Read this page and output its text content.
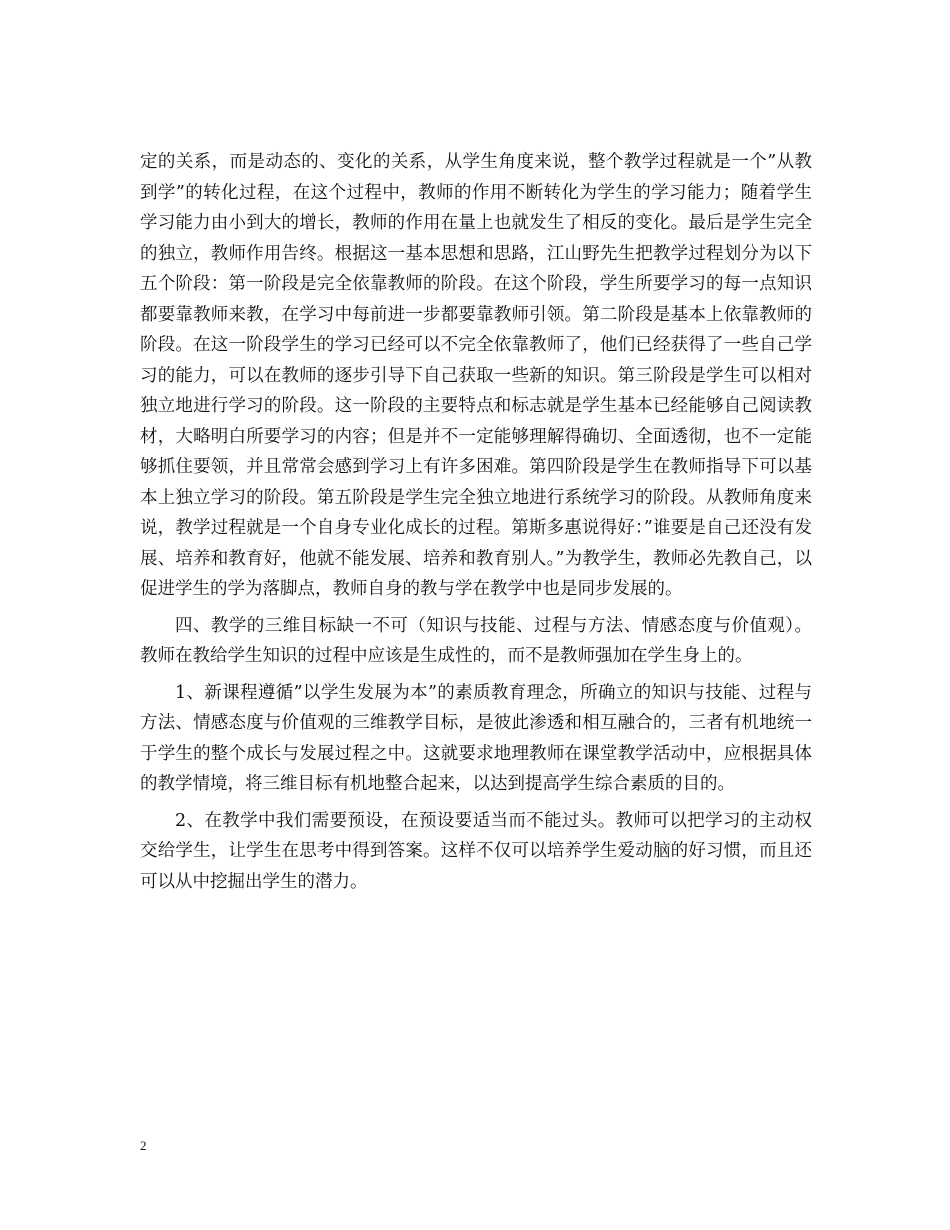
定的关系，而是动态的、变化的关系，从学生角度来说，整个教学过程就是一个”从教到学”的转化过程，在这个过程中，教师的作用不断转化为学生的学习能力；随着学生学习能力由小到大的增长，教师的作用在量上也就发生了相反的变化。最后是学生完全的独立，教师作用告终。根据这一基本思想和思路，江山野先生把教学过程划分为以下五个阶段：第一阶段是完全依靠教师的阶段。在这个阶段，学生所要学习的每一点知识都要靠教师来教，在学习中每前进一步都要靠教师引领。第二阶段是基本上依靠教师的阶段。在这一阶段学生的学习已经可以不完全依靠教师了，他们已经获得了一些自己学习的能力，可以在教师的逐步引导下自己获取一些新的知识。第三阶段是学生可以相对独立地进行学习的阶段。这一阶段的主要特点和标志就是学生基本已经能够自己阅读教材，大略明白所要学习的内容；但是并不一定能够理解得确切、全面透彻，也不一定能够抓住要领，并且常常会感到学习上有许多困难。第四阶段是学生在教师指导下可以基本上独立学习的阶段。第五阶段是学生完全独立地进行系统学习的阶段。从教师角度来说，教学过程就是一个自身专业化成长的过程。第斯多惠说得好：”谁要是自己还没有发展、培养和教育好，他就不能发展、培养和教育别人。”为教学生，教师必先教自己，以促进学生的学为落脚点，教师自身的教与学在教学中也是同步发展的。

四、教学的三维目标缺一不可（知识与技能、过程与方法、情感态度与价值观）。教师在教给学生知识的过程中应该是生成性的，而不是教师强加在学生身上的。

1、新课程遵循”以学生发展为本”的素质教育理念，所确立的知识与技能、过程与方法、情感态度与价值观的三维教学目标，是彼此渗透和相互融合的，三者有机地统一于学生的整个成长与发展过程之中。这就要求地理教师在课堂教学活动中，应根据具体的教学情境，将三维目标有机地整合起来，以达到提高学生综合素质的目的。

2、在教学中我们需要预设，在预设要适当而不能过头。教师可以把学习的主动权交给学生，让学生在思考中得到答案。这样不仅可以培养学生爱动脑的好习惯，而且还可以从中挖掘出学生的潜力。

2
